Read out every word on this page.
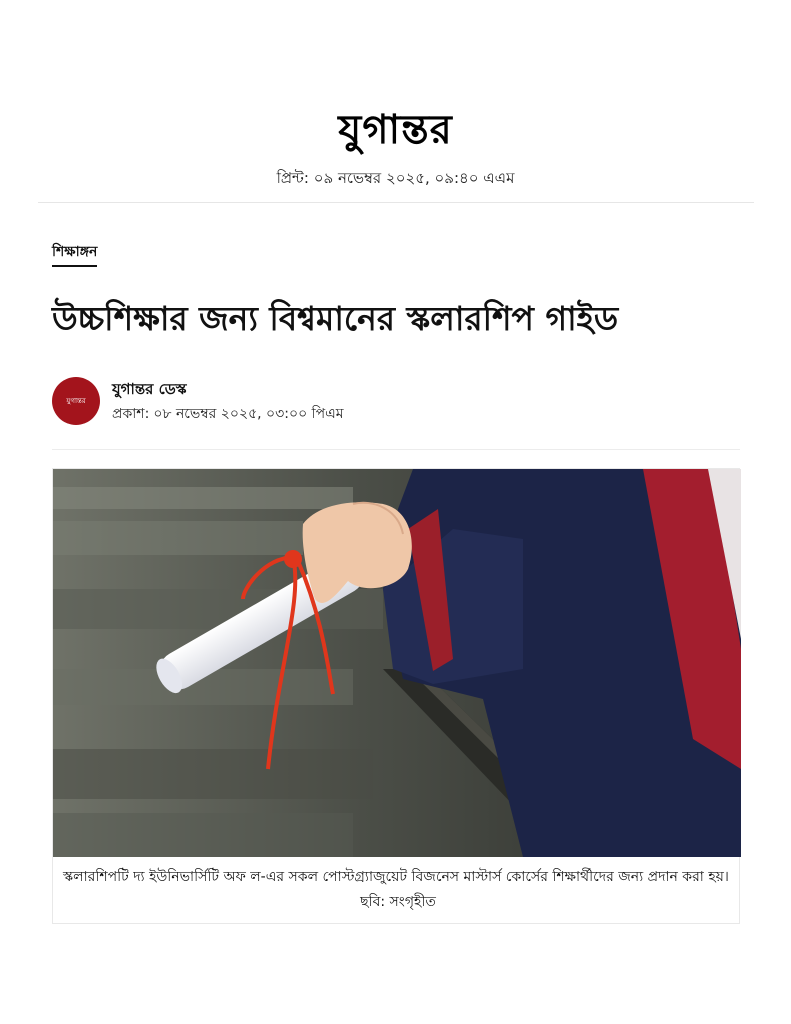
যুগান্তর
প্রিন্ট: ০৯ নভেম্বর ২০২৫, ০৯:৪০ এএম
শিক্ষাঙ্গন
উচ্চশিক্ষার জন্য বিশ্বমানের স্কলারশিপ গাইড
যুগান্তর
যুগান্তর ডেস্ক
প্রকাশ: ০৮ নভেম্বর ২০২৫, ০৩:০০ পিএম
স্কলারশিপটি দ্য ইউনিভার্সিটি অফ ল-এর সকল পোস্টগ্র্যাজুয়েট বিজনেস মাস্টার্স কোর্সের শিক্ষার্থীদের জন্য প্রদান করা হয়।ছবি: সংগৃহীত
